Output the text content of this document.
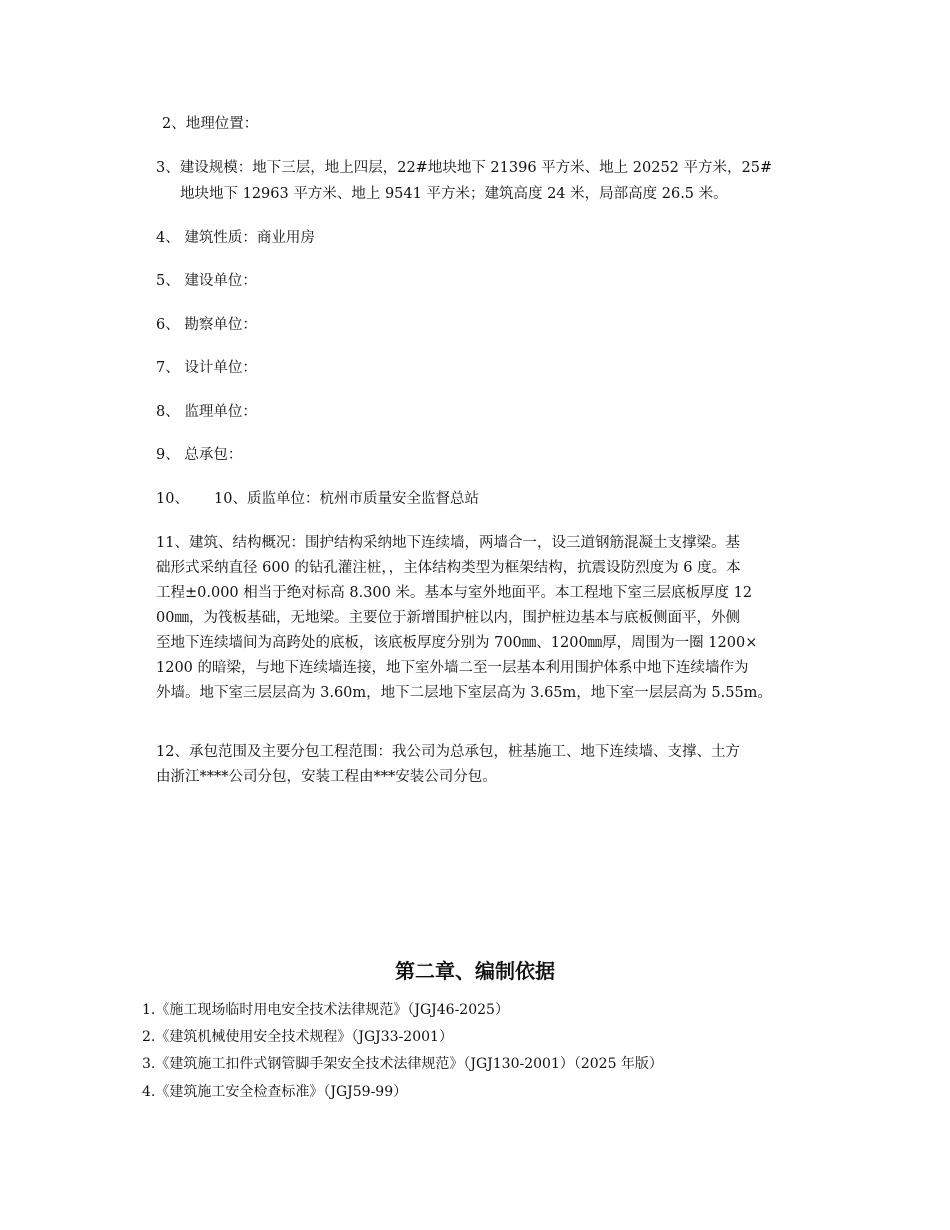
2、地理位置：
3、建设规模：地下三层，地上四层，22#地块地下 21396 平方米、地上 20252 平方米，25#
地块地下 12963 平方米、地上 9541 平方米；建筑高度 24 米，局部高度 26.5 米。
4、 建筑性质：商业用房
5、 建设单位：
6、 勘察单位：
7、 设计单位：
8、 监理单位：
9、 总承包：
10、 10、质监单位：杭州市质量安全监督总站
11、建筑、结构概况：围护结构采纳地下连续墙，两墙合一，设三道钢筋混凝土支撑梁。基
础形式采纳直径 600 的钻孔灌注桩，，主体结构类型为框架结构，抗震设防烈度为 6 度。本
工程±0.000 相当于绝对标高 8.300 米。基本与室外地面平。本工程地下室三层底板厚度 12
00㎜，为筏板基础，无地梁。主要位于新增围护桩以内，围护桩边基本与底板侧面平，外侧
至地下连续墙间为高跨处的底板，该底板厚度分别为 700㎜、1200㎜厚，周围为一圈 1200×
1200 的暗梁，与地下连续墙连接，地下室外墙二至一层基本利用围护体系中地下连续墙作为
外墙。地下室三层层高为 3.60m，地下二层地下室层高为 3.65m，地下室一层层高为 5.55m。
12、承包范围及主要分包工程范围：我公司为总承包，桩基施工、地下连续墙、支撑、土方
由浙江****公司分包，安装工程由***安装公司分包。
第二章、编制依据
1.《施工现场临时用电安全技术法律规范》（JGJ46-2025）
2.《建筑机械使用安全技术规程》（JGJ33-2001）
3.《建筑施工扣件式钢管脚手架安全技术法律规范》（JGJ130-2001）（2025 年版）
4.《建筑施工安全检查标准》（JGJ59-99）
